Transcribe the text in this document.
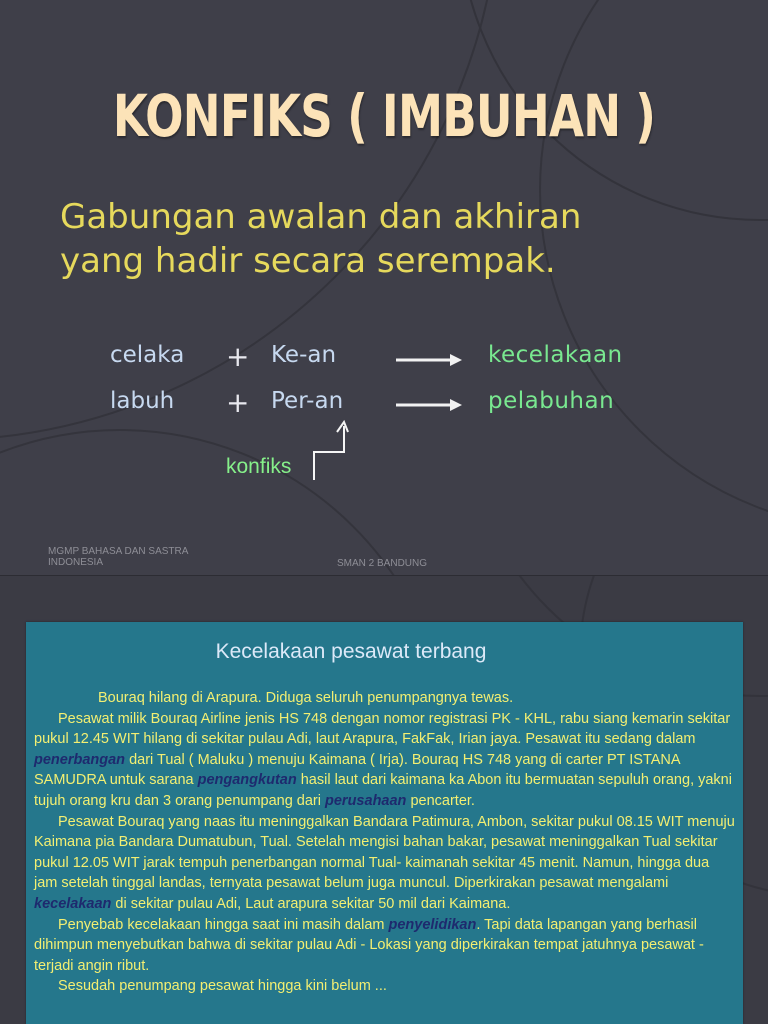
KONFIKS ( IMBUHAN )
Gabungan awalan dan akhiran
yang hadir secara serempak.
celaka + Ke-an	kecelakaan
labuh + Per-an	pelabuhan
konfiks
MGMP BAHASA DAN SASTRA
INDONESIA	SMAN 2 BANDUNG
Kecelakaan pesawat terbang

Bouraq hilang di Arapura. Diduga seluruh penumpangnya tewas.

Pesawat milik Bouraq Airline jenis HS 748 dengan nomor registrasi PK - KHL, rabu siang kemarin sekitar pukul 12.45 WIT hilang di sekitar pulau Adi, laut Arapura, FakFak, Irian jaya. Pesawat itu sedang dalam penerbangan dari Tual ( Maluku ) menuju Kaimana ( Irja). Bouraq HS 748 yang di carter PT ISTANA SAMUDRA untuk sarana pengangkutan hasil laut dari kaimana ka Abon itu bermuatan sepuluh orang, yakni tujuh orang kru dan 3 orang penumpang dari perusahaan pencarter.

Pesawat Bouraq yang naas itu meninggalkan Bandara Patimura, Ambon, sekitar pukul 08.15 WIT menuju Kaimana pia Bandara Dumatubun, Tual. Setelah mengisi bahan bakar, pesawat meninggalkan Tual sekitar pukul 12.05 WIT jarak tempuh penerbangan normal Tual- kaimanah sekitar 45 menit. Namun, hingga dua jam setelah tinggal landas, ternyata pesawat belum juga muncul. Diperkirakan pesawat mengalami kecelakaan di sekitar pulau Adi, Laut arapura sekitar 50 mil dari Kaimana.

Penyebab kecelakaan hingga saat ini masih dalam penyelidikan. Tapi data lapangan yang berhasil dihimpun menyebutkan bahwa di sekitar pulau Adi - Lokasi yang diperkirakan tempat jatuhnya pesawat - terjadi angin ribut.

Sesudah penumpang pesawat hingga kini belum ...
